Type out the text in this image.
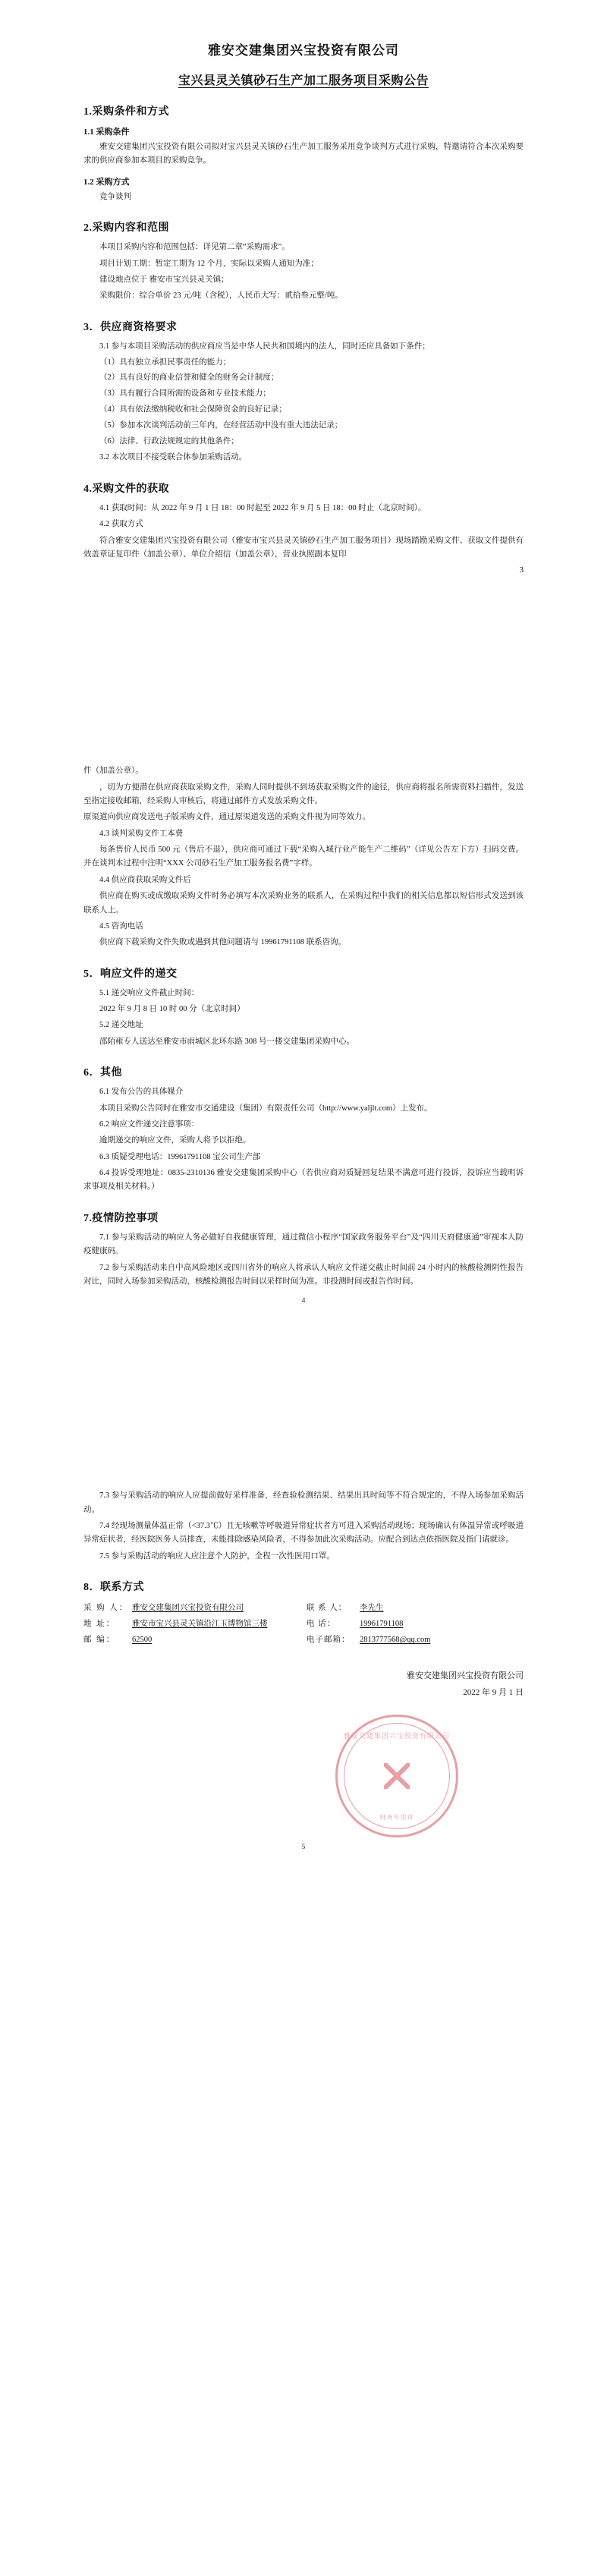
雅安交建集团兴宝投资有限公司
宝兴县灵关镇砂石生产加工服务项目采购公告
1.采购条件和方式
1.1 采购条件

雅安交建集团兴宝投资有限公司拟对宝兴县灵关镇砂石生产加工服务采用竞争谈判方式进行采购，特邀请符合本次采购要求的供应商参加本项目的采购竞争。

1.2 采购方式

竞争谈判

2.采购内容和范围

本项目采购内容和范围包括：详见第二章“采购需求”。

项目计划工期：暂定工期为 12 个月，实际以采购人通知为准；

建设地点位于 雅安市宝兴县灵关镇；

采购限价：综合单价 23 元/吨（含税），人民币大写：贰拾叁元整/吨。

3．供应商资格要求

3.1 参与本项目采购活动的供应商应当是中华人民共和国境内的法人，同时还应具备如下条件；

（1）具有独立承担民事责任的能力；

（2）具有良好的商业信誉和健全的财务会计制度；

（3）具有履行合同所需的设备和专业技术能力；

（4）具有依法缴纳税收和社会保障资金的良好记录；

（5）参加本次谈判活动前三年内，在经营活动中没有重大违法记录；

（6）法律、行政法规规定的其他条件；

3.2 本次项目不接受联合体参加采购活动。

4.采购文件的获取

4.1 获取时间：从 2022 年 9 月 1 日 18：00 时起至 2022 年 9 月 5 日 18：00 时止（北京时间）。

4.2 获取方式

符合雅安交建集团兴宝投资有限公司（雅安市宝兴县灵关镇砂石生产加工服务项目）现场踏勘采购文件、获取文件提供有效盖章证复印件（加盖公章）、单位介绍信（加盖公章），营业执照副本复印

3

件（加盖公章）。

，切为方便潜在供应商获取采购文件，采购人同时提供不到场获取采购文件的途径，供应商将报名所需资料扫描件，发送至指定接收邮箱，经采购人审核后，将通过邮件方式发放采购文件。

原渠道向供应商发送电子版采购文件，通过原渠道发送的采购文件视为同等效力。

4.3 谈判采购文件工本费

每条售价人民币 500 元（售后不退），供应商可通过下载“采购入城行业产能生产二维码”（详见公告左下方）扫码交费。并在谈判本过程中注明“XXX 公司砂石生产加工服务报名费”字样。

4.4 供应商获取采购文件后

供应商在购买或成缴取采购文件时务必填写本次采购业务的联系人，在采购过程中我们的相关信息都以短信形式发送到该联系人上。

4.5 咨询电话

供应商下载采购文件失败或遇到其他问题请与 19961791108 联系咨询。

5．响应文件的递交

5.1 递交响应文件截止时间：

2022 年 9 月 8 日 10 时 00 分（北京时间）

5.2 递交地址

邵陌雍专人送达至雅安市雨城区北环东路 308 号一楼交建集团采购中心。

6．其他

6.1 发布公告的具体媒介

本项目采购公告同时在雅安市交通建设（集团）有限责任公司（http://www.yaljlt.com）上发布。

6.2 响应文件递交注意事项：

逾期递交的响应文件，采购人将予以拒绝。

6.3 质疑受理电话：19961791108 宝公司生产部

6.4 投诉受理地址：0835-2310136 雅安交建集团采购中心（若供应商对质疑回复结果不满意可进行投诉，投诉应当载明诉求事项及相关材料。）

7.疫情防控事项

7.1 参与采购活动的响应人务必做好自我健康管理，通过微信小程序“国家政务服务平台”及“四川天府健康通”审视本人防疫健康码。

7.2 参与采购活动来自中高风险地区或四川省外的响应人将承认人响应文件递交截止时间前 24 小时内的核酸检测阴性报告对比，同时入场参加采购活动，核酸检测报告时间以采样时间为准。非投测时间或报告作时间。

4

7.3 参与采购活动的响应人应提前做好采样准备，经查验检测结果、结果出具时间等不符合规定的，不得入场参加采购活动。

7.4 经现场测量体温正常（<37.3℃）且无咳嗽等呼吸道异常症状者方可进入采购活动现场；现场确认有体温异常或呼吸道异常症状者，经医院医务人员排查，未能排除感染风险者，不得参加此次采购活动。应配合到达点依指医院及指门请就诊。

7.5 参与采购活动的响应人应注意个人防护，全程一次性医用口罩。

8．联系方式
采 购 人： 雅安交建集团兴宝投资有限公司	联 系 人：	李先生
地 址：	雅安市宝兴县灵关镇沿江玉博物馆三楼	电 话：	19961791108
邮 编：	62500	电子邮箱：	2813777568@qq.com
雅安交建集团兴宝投资有限公司
2022 年 9 月 1 日
雅安交建集团兴宝投资有限公司
财务专用章

5
